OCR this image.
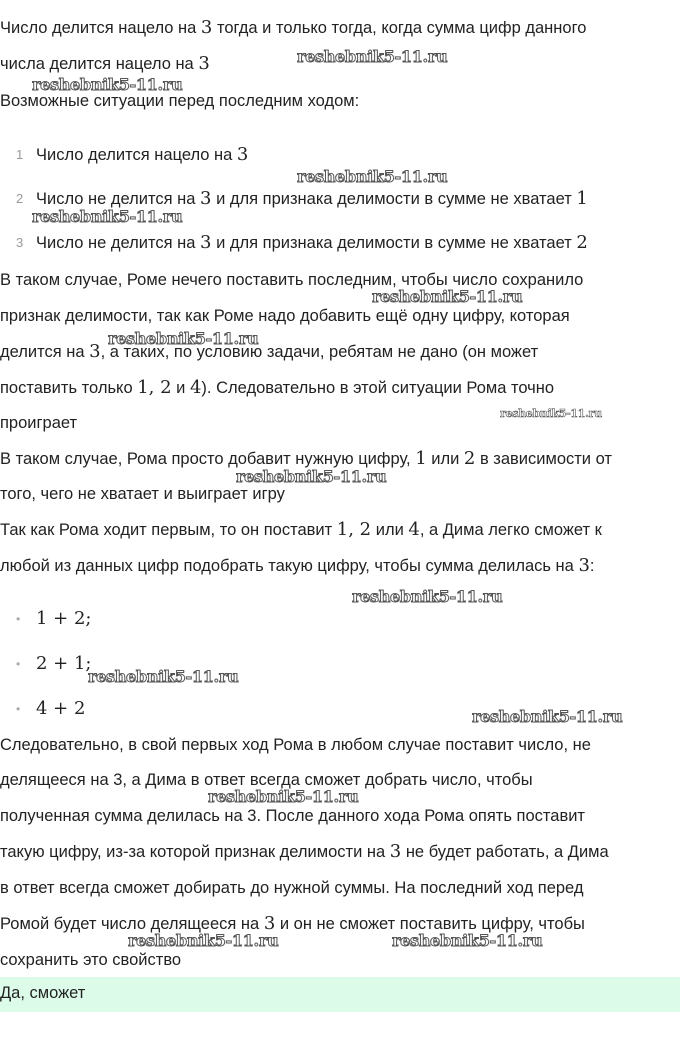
Число делится нацело на 3 тогда и только тогда, когда сумма цифр данного
числа делится нацело на 3
Возможные ситуации перед последним ходом:
Число делится нацело на 3
Число не делится на 3 и для признака делимости в сумме не хватает 1
Число не делится на 3 и для признака делимости в сумме не хватает 2
В таком случае, Роме нечего поставить последним, чтобы число сохранило
признак делимости, так как Роме надо добавить ещё одну цифру, которая
делится на 3, а таких, по условию задачи, ребятам не дано (он может
поставить только 1, 2 и 4). Следовательно в этой ситуации Рома точно
проиграет
В таком случае, Рома просто добавит нужную цифру, 1 или 2 в зависимости от
того, чего не хватает и выиграет игру
Так как Рома ходит первым, то он поставит 1, 2 или 4, а Дима легко сможет к
любой из данных цифр подобрать такую цифру, чтобы сумма делилась на 3:
1 + 2;
2 + 1;
4 + 2
Следовательно, в свой первых ход Рома в любом случае поставит число, не
делящееся на 3, а Дима в ответ всегда сможет добрать число, чтобы
полученная сумма делилась на 3. После данного хода Рома опять поставит
такую цифру, из-за которой признак делимости на 3 не будет работать, а Дима
в ответ всегда сможет добирать до нужной суммы. На последний ход перед
Ромой будет число делящееся на 3 и он не сможет поставить цифру, чтобы
сохранить это свойство
1
2
3
•
•
•
reshebnik5-11.ru
reshebnik5-11.ru
reshebnik5-11.ru
reshebnik5-11.ru
reshebnik5-11.ru
reshebnik5-11.ru
reshebnik5-11.ru
reshebnik5-11.ru
reshebnik5-11.ru
reshebnik5-11.ru
reshebnik5-11.ru
reshebnik5-11.ru
reshebnik5-11.ru	reshebnik5-11.ru
Да, сможет
